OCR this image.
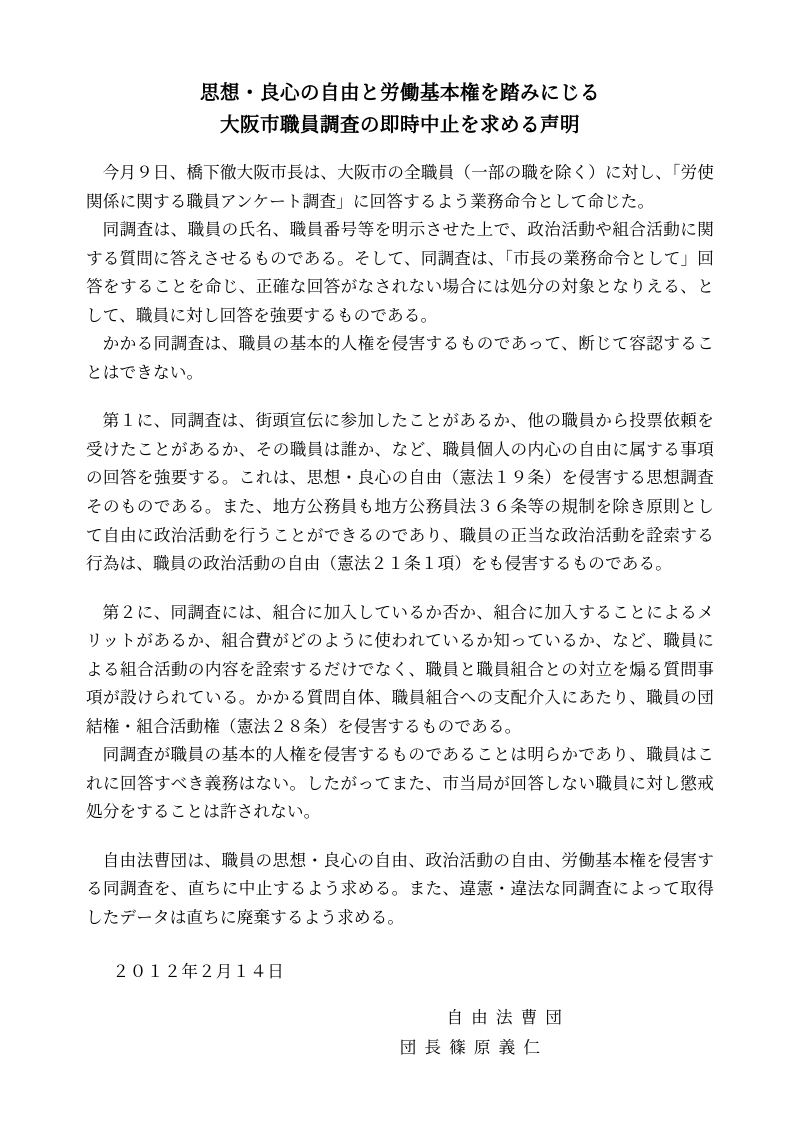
思想・良心の自由と労働基本権を踏みにじる
大阪市職員調査の即時中止を求める声明

今月９日、橋下徹大阪市長は、大阪市の全職員（一部の職を除く）に対し、「労使関係に関する職員アンケート調査」に回答するよう業務命令として命じた。

同調査は、職員の氏名、職員番号等を明示させた上で、政治活動や組合活動に関する質問に答えさせるものである。そして、同調査は、「市長の業務命令として」回答をすることを命じ、正確な回答がなされない場合には処分の対象となりえる、として、職員に対し回答を強要するものである。

かかる同調査は、職員の基本的人権を侵害するものであって、断じて容認することはできない。

第１に、同調査は、街頭宣伝に参加したことがあるか、他の職員から投票依頼を受けたことがあるか、その職員は誰か、など、職員個人の内心の自由に属する事項の回答を強要する。これは、思想・良心の自由（憲法１９条）を侵害する思想調査そのものである。また、地方公務員も地方公務員法３６条等の規制を除き原則として自由に政治活動を行うことができるのであり、職員の正当な政治活動を詮索する行為は、職員の政治活動の自由（憲法２１条１項）をも侵害するものである。

第２に、同調査には、組合に加入しているか否か、組合に加入することによるメリットがあるか、組合費がどのように使われているか知っているか、など、職員による組合活動の内容を詮索するだけでなく、職員と職員組合との対立を煽る質問事項が設けられている。かかる質問自体、職員組合への支配介入にあたり、職員の団結権・組合活動権（憲法２８条）を侵害するものである。

同調査が職員の基本的人権を侵害するものであることは明らかであり、職員はこれに回答すべき義務はない。したがってまた、市当局が回答しない職員に対し懲戒処分をすることは許されない。

自由法曹団は、職員の思想・良心の自由、政治活動の自由、労働基本権を侵害する同調査を、直ちに中止するよう求める。また、違憲・違法な同調査によって取得したデータは直ちに廃棄するよう求める。

２０１２年２月１４日

自 由 法 曹 団
団 長 篠 原 義 仁
